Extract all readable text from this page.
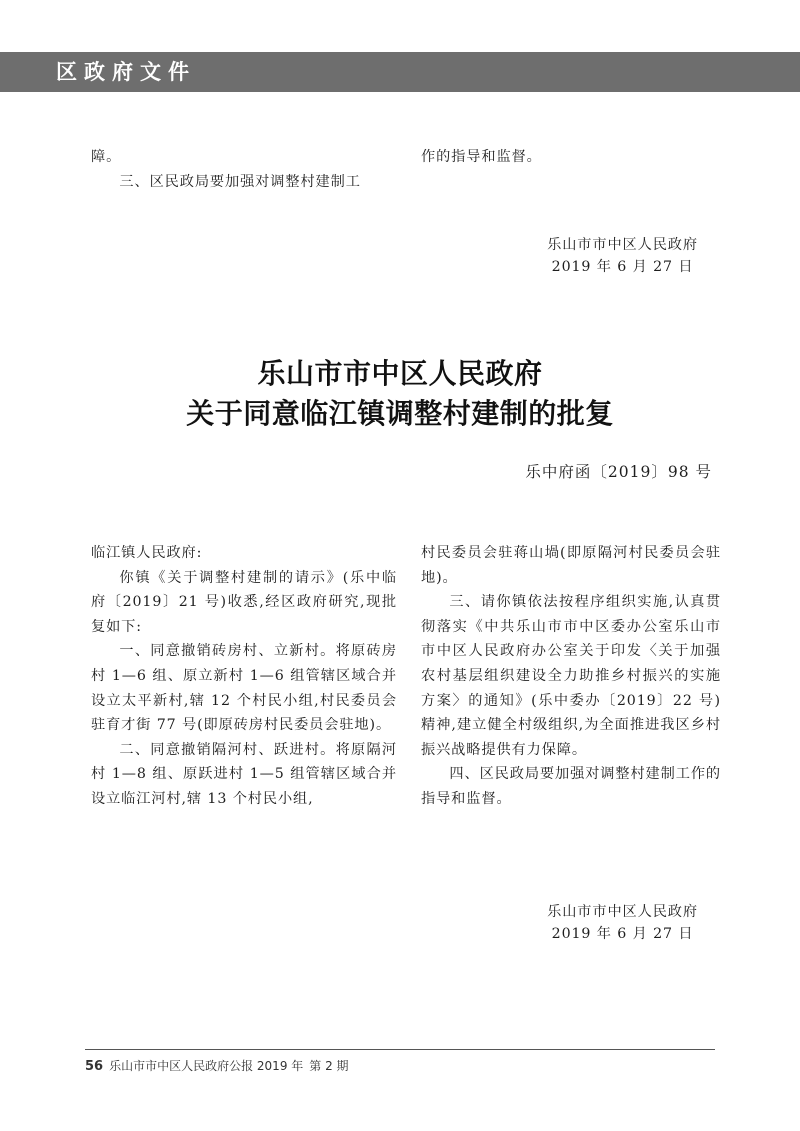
区政府文件

障。

三、区民政局要加强对调整村建制工

作的指导和监督。

乐山市市中区人民政府
2019 年 6 月 27 日
乐山市市中区人民政府
关于同意临江镇调整村建制的批复
乐中府函〔2019〕98 号

临江镇人民政府:

你镇《关于调整村建制的请示》(乐中临府〔2019〕21 号)收悉,经区政府研究,现批复如下:

一、同意撤销砖房村、立新村。将原砖房村 1—6 组、原立新村 1—6 组管辖区域合并设立太平新村,辖 12 个村民小组,村民委员会驻育才街 77 号(即原砖房村民委员会驻地)。

二、同意撤销隔河村、跃进村。将原隔河村 1—8 组、原跃进村 1—5 组管辖区域合并设立临江河村,辖 13 个村民小组,

村民委员会驻蒋山堝(即原隔河村民委员会驻地)。

三、请你镇依法按程序组织实施,认真贯彻落实《中共乐山市市中区委办公室乐山市市中区人民政府办公室关于印发〈关于加强农村基层组织建设全力助推乡村振兴的实施方案〉的通知》(乐中委办〔2019〕22 号)精神,建立健全村级组织,为全面推进我区乡村振兴战略提供有力保障。

四、区民政局要加强对调整村建制工作的指导和监督。

乐山市市中区人民政府
2019 年 6 月 27 日
56 乐山市市中区人民政府公报 2019 年 第 2 期
